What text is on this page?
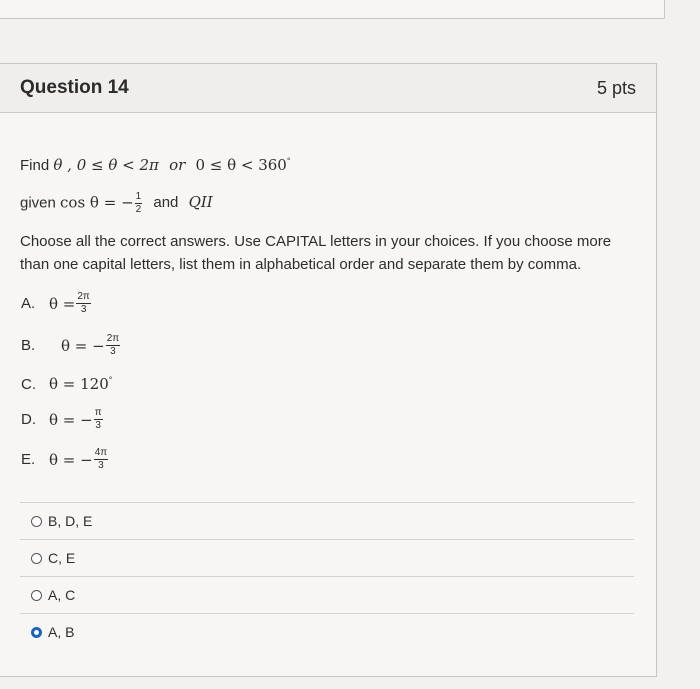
Question 14	5 pts
Find θ , 0 ≤ θ < 2π or 0 ≤ θ < 360°
given cos θ = − $\frac{1}{2}$ and QII
Choose all the correct answers. Use CAPITAL letters in your choices. If you choose more than one capital letters, list them in alphabetical order and separate them by comma.
A. $\theta = \frac{2\pi}{3}$
B.	θ = − $\frac{2\pi}{3}$
C. θ = 120°
D. θ = − $\frac{\pi}{3}$
E. θ = − $\frac{4\pi}{3}$
B, D, E
C, E
A, C
A, B
